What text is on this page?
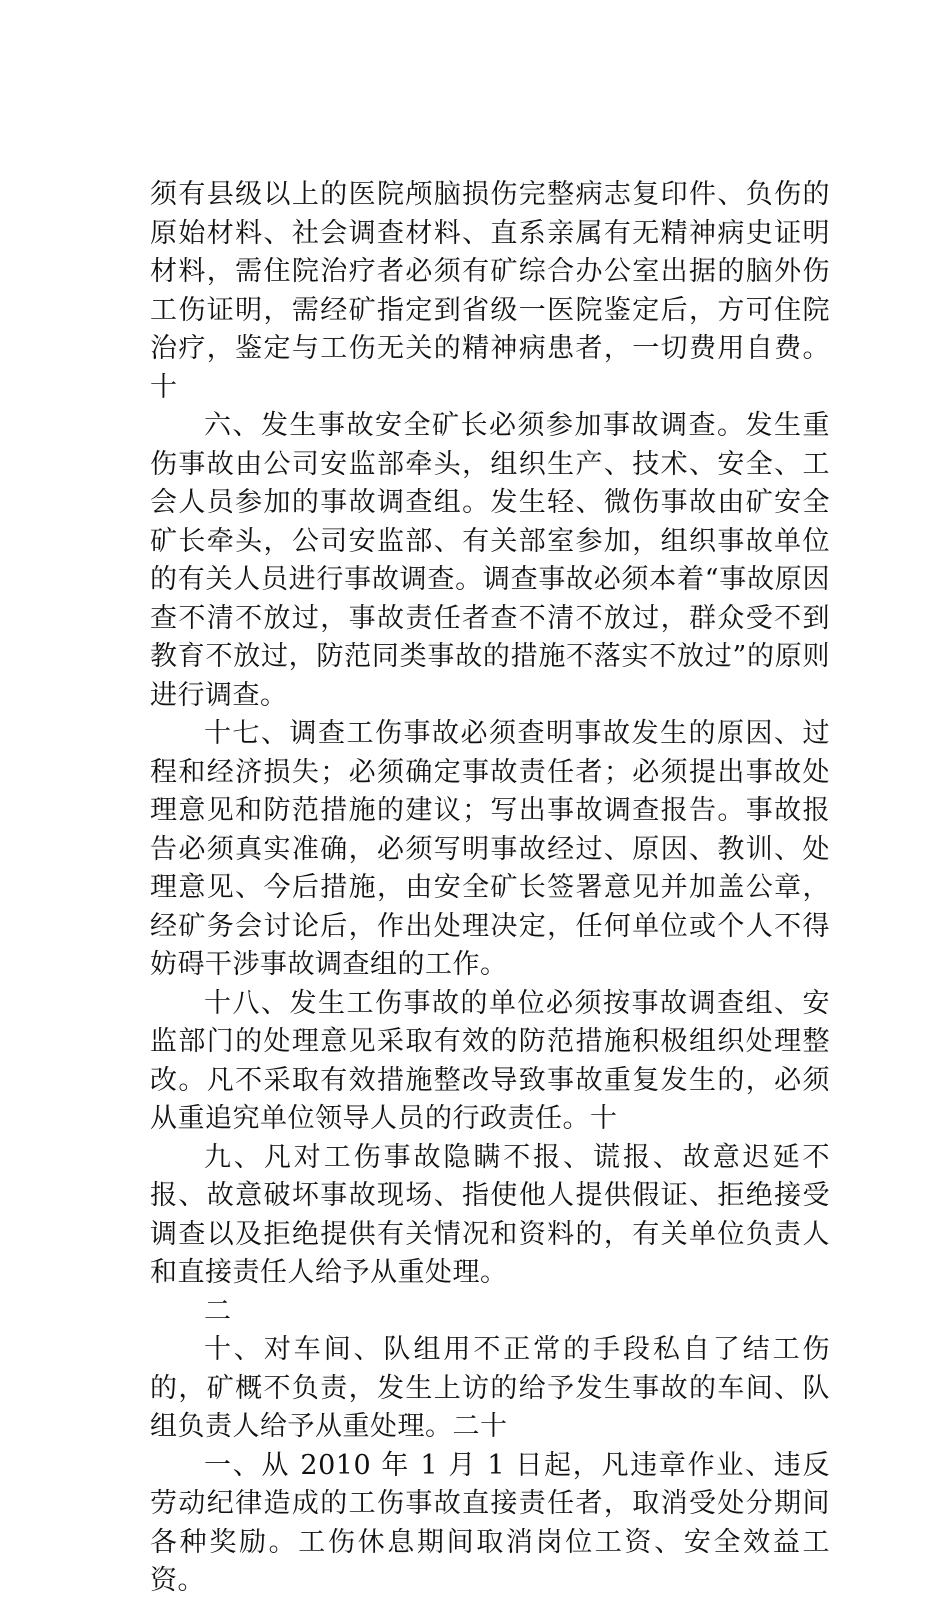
须有县级以上的医院颅脑损伤完整病志复印件、负伤的原始材料、社会调查材料、直系亲属有无精神病史证明材料，需住院治疗者必须有矿综合办公室出据的脑外伤工伤证明，需经矿指定到省级一医院鉴定后，方可住院治疗，鉴定与工伤无关的精神病患者，一切费用自费。十

六、发生事故安全矿长必须参加事故调查。发生重伤事故由公司安监部牵头，组织生产、技术、安全、工会人员参加的事故调查组。发生轻、微伤事故由矿安全矿长牵头，公司安监部、有关部室参加，组织事故单位的有关人员进行事故调查。调查事故必须本着“事故原因查不清不放过，事故责任者查不清不放过，群众受不到教育不放过，防范同类事故的措施不落实不放过”的原则进行调查。

十七、调查工伤事故必须查明事故发生的原因、过程和经济损失；必须确定事故责任者；必须提出事故处理意见和防范措施的建议；写出事故调查报告。事故报告必须真实准确，必须写明事故经过、原因、教训、处理意见、今后措施，由安全矿长签署意见并加盖公章，经矿务会讨论后，作出处理决定，任何单位或个人不得妨碍干涉事故调查组的工作。

十八、发生工伤事故的单位必须按事故调查组、安监部门的处理意见采取有效的防范措施积极组织处理整改。凡不采取有效措施整改导致事故重复发生的，必须从重追究单位领导人员的行政责任。十

九、凡对工伤事故隐瞒不报、谎报、故意迟延不报、故意破坏事故现场、指使他人提供假证、拒绝接受调查以及拒绝提供有关情况和资料的，有关单位负责人和直接责任人给予从重处理。

二

十、对车间、队组用不正常的手段私自了结工伤的，矿概不负责，发生上访的给予发生事故的车间、队组负责人给予从重处理。二十

一、从 2010 年 1 月 1 日起，凡违章作业、违反劳动纪律造成的工伤事故直接责任者，取消受处分期间各种奖励。工伤休息期间取消岗位工资、安全效益工资。
